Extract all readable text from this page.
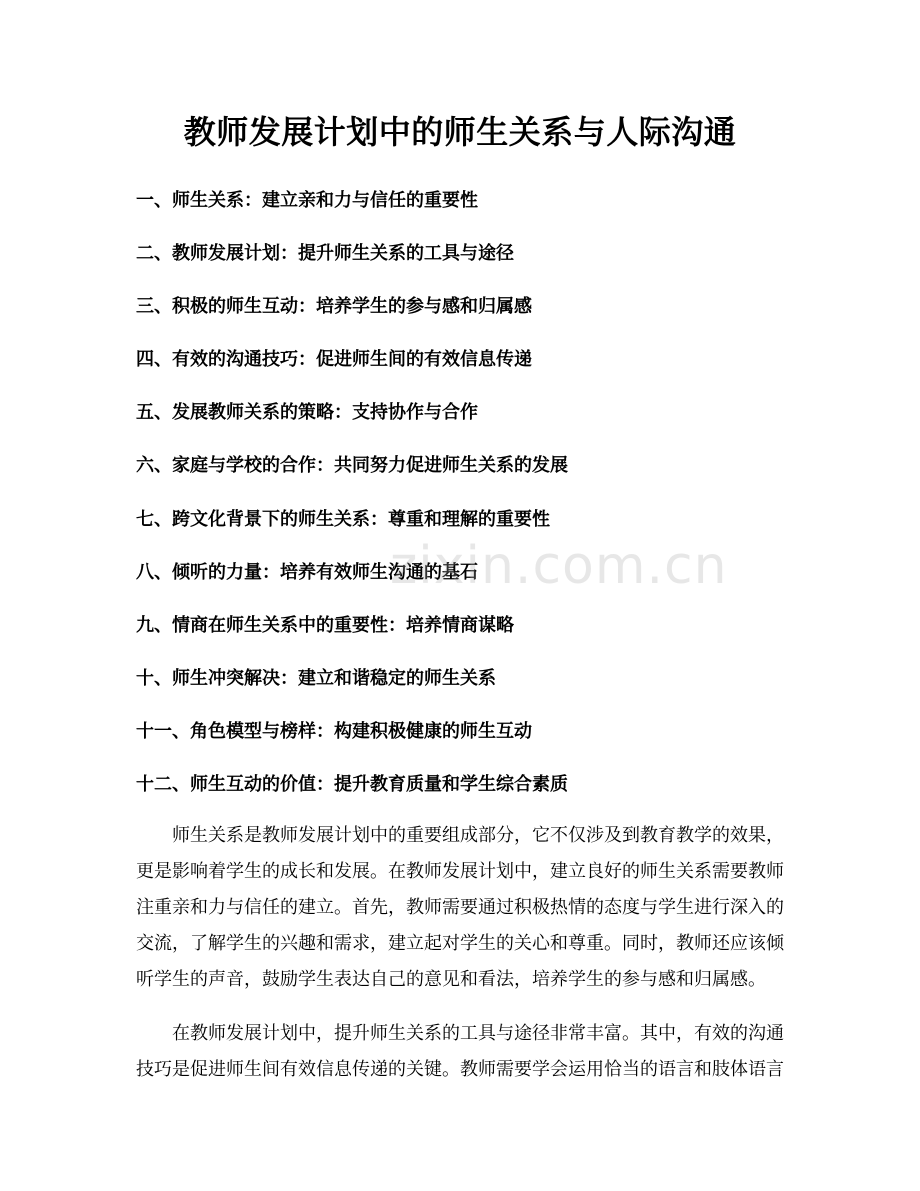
教师发展计划中的师生关系与人际沟通
一、师生关系：建立亲和力与信任的重要性
二、教师发展计划：提升师生关系的工具与途径
三、积极的师生互动：培养学生的参与感和归属感
四、有效的沟通技巧：促进师生间的有效信息传递
五、发展教师关系的策略：支持协作与合作
六、家庭与学校的合作：共同努力促进师生关系的发展
七、跨文化背景下的师生关系：尊重和理解的重要性
八、倾听的力量：培养有效师生沟通的基石
九、情商在师生关系中的重要性：培养情商谋略
十、师生冲突解决：建立和谐稳定的师生关系
十一、角色模型与榜样：构建积极健康的师生互动
十二、师生互动的价值：提升教育质量和学生综合素质

师生关系是教师发展计划中的重要组成部分，它不仅涉及到教育教学的效果，更是影响着学生的成长和发展。在教师发展计划中，建立良好的师生关系需要教师注重亲和力与信任的建立。首先，教师需要通过积极热情的态度与学生进行深入的交流，了解学生的兴趣和需求，建立起对学生的关心和尊重。同时，教师还应该倾听学生的声音，鼓励学生表达自己的意见和看法，培养学生的参与感和归属感。

在教师发展计划中，提升师生关系的工具与途径非常丰富。其中，有效的沟通技巧是促进师生间有效信息传递的关键。教师需要学会运用恰当的语言和肢体语言

zixin.com.cn
